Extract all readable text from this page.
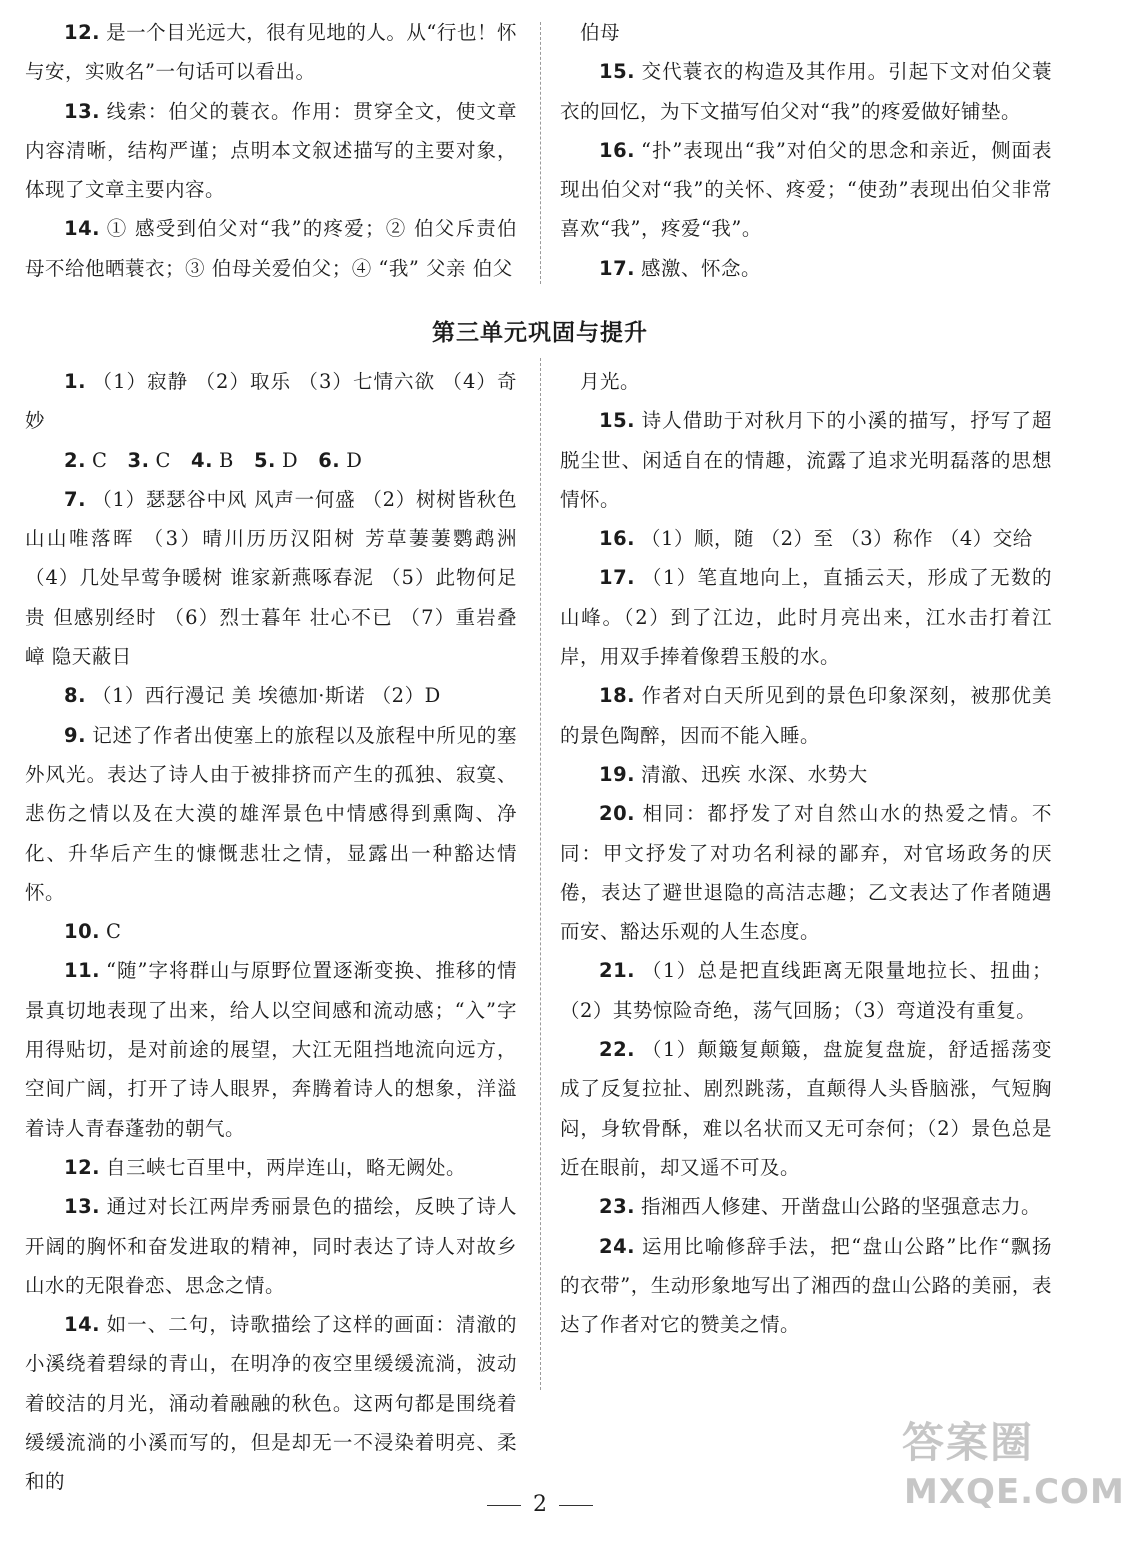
12. 是一个目光远大，很有见地的人。从“行也！怀与安，实败名”一句话可以看出。

13. 线索：伯父的蓑衣。作用：贯穿全文，使文章内容清晰，结构严谨；点明本文叙述描写的主要对象，体现了文章主要内容。

14. ① 感受到伯父对“我”的疼爱；② 伯父斥责伯母不给他晒蓑衣；③ 伯母关爱伯父；④ “我” 父亲 伯父

伯母

15. 交代蓑衣的构造及其作用。引起下文对伯父蓑衣的回忆，为下文描写伯父对“我”的疼爱做好铺垫。

16. “扑”表现出“我”对伯父的思念和亲近，侧面表现出伯父对“我”的关怀、疼爱；“使劲”表现出伯父非常喜欢“我”，疼爱“我”。

17. 感激、怀念。

第三单元巩固与提升

1. （1）寂静 （2）取乐 （3）七情六欲 （4）奇妙

2. C 3. C 4. B 5. D 6. D

7. （1）瑟瑟谷中风 风声一何盛 （2）树树皆秋色 山山唯落晖 （3）晴川历历汉阳树 芳草萋萋鹦鹉洲 （4）几处早莺争暖树 谁家新燕啄春泥 （5）此物何足贵 但感别经时 （6）烈士暮年 壮心不已 （7）重岩叠嶂 隐天蔽日

8. （1）西行漫记 美 埃德加·斯诺 （2）D

9. 记述了作者出使塞上的旅程以及旅程中所见的塞外风光。表达了诗人由于被排挤而产生的孤独、寂寞、悲伤之情以及在大漠的雄浑景色中情感得到熏陶、净化、升华后产生的慷慨悲壮之情，显露出一种豁达情怀。

10. C

11. “随”字将群山与原野位置逐渐变换、推移的情景真切地表现了出来，给人以空间感和流动感；“入”字用得贴切，是对前途的展望，大江无阻挡地流向远方，空间广阔，打开了诗人眼界，奔腾着诗人的想象，洋溢着诗人青春蓬勃的朝气。

12. 自三峡七百里中，两岸连山，略无阙处。

13. 通过对长江两岸秀丽景色的描绘，反映了诗人开阔的胸怀和奋发进取的精神，同时表达了诗人对故乡山水的无限眷恋、思念之情。

14. 如一、二句，诗歌描绘了这样的画面：清澈的小溪绕着碧绿的青山，在明净的夜空里缓缓流淌，波动着皎洁的月光，涌动着融融的秋色。这两句都是围绕着缓缓流淌的小溪而写的，但是却无一不浸染着明亮、柔和的

月光。

15. 诗人借助于对秋月下的小溪的描写，抒写了超脱尘世、闲适自在的情趣，流露了追求光明磊落的思想情怀。

16. （1）顺，随 （2）至 （3）称作 （4）交给

17. （1）笔直地向上，直插云天，形成了无数的山峰。（2）到了江边，此时月亮出来，江水击打着江岸，用双手捧着像碧玉般的水。

18. 作者对白天所见到的景色印象深刻，被那优美的景色陶醉，因而不能入睡。

19. 清澈、迅疾 水深、水势大

20. 相同：都抒发了对自然山水的热爱之情。不同：甲文抒发了对功名利禄的鄙弃，对官场政务的厌倦，表达了避世退隐的高洁志趣；乙文表达了作者随遇而安、豁达乐观的人生态度。

21. （1）总是把直线距离无限量地拉长、扭曲；（2）其势惊险奇绝，荡气回肠；（3）弯道没有重复。

22. （1）颠簸复颠簸，盘旋复盘旋，舒适摇荡变成了反复拉扯、剧烈跳荡，直颠得人头昏脑涨，气短胸闷，身软骨酥，难以名状而又无可奈何；（2）景色总是近在眼前，却又遥不可及。

23. 指湘西人修建、开凿盘山公路的坚强意志力。

24. 运用比喻修辞手法，把“盘山公路”比作“飘扬的衣带”，生动形象地写出了湘西的盘山公路的美丽，表达了作者对它的赞美之情。

2
答案圈
MXQE.COM
